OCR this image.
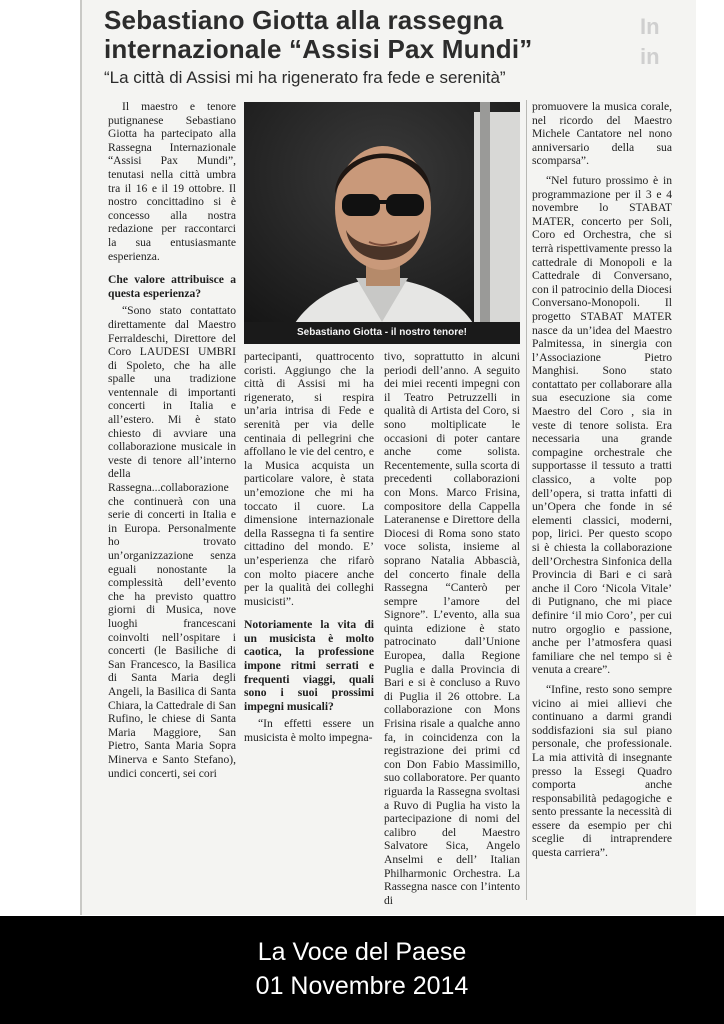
In
in
Sebastiano Giotta alla rassegna
internazionale “Assisi Pax Mundi”
“La città di Assisi mi ha rigenerato fra fede e serenità”

Il maestro e tenore putignanese Sebastiano Giotta ha partecipato alla Rassegna Internazionale “Assisi Pax Mundi”, tenutasi nella città umbra tra il 16 e il 19 ottobre. Il nostro concittadino si è concesso alla nostra redazione per raccontarci la sua entusiasmante esperienza.

Che valore attribuisce a questa esperienza?

“Sono stato contattato direttamente dal Maestro Ferraldeschi, Direttore del Coro LAUDESI UMBRI di Spoleto, che ha alle spalle una tradizione ventennale di importanti concerti in Italia e all’estero. Mi è stato chiesto di avviare una collaborazione musicale in veste di tenore all’interno della Rassegna...collaborazione che continuerà con una serie di concerti in Italia e in Europa. Personalmente ho trovato un’organizzazione senza eguali nonostante la complessità dell’evento che ha previsto quattro giorni di Musica, nove luoghi francescani coinvolti nell’ospitare i concerti (le Basiliche di San Francesco, la Basilica di Santa Maria degli Angeli, la Basilica di Santa Chiara, la Cattedrale di San Rufino, le chiese di Santa Maria Maggiore, San Pietro, Santa Maria Sopra Minerva e Santo Stefano), undici concerti, sei cori

Sebastiano Giotta - il nostro tenore!

partecipanti, quattrocento coristi. Aggiungo che la città di Assisi mi ha rigenerato, si respira un’aria intrisa di Fede e serenità per via delle centinaia di pellegrini che affollano le vie del centro, e la Musica acquista un particolare valore, è stata un’emozione che mi ha toccato il cuore. La dimensione internazionale della Rassegna ti fa sentire cittadino del mondo. E’ un’esperienza che rifarò con molto piacere anche per la qualità dei colleghi musicisti”.

Notoriamente la vita di un musicista è molto caotica, la professione impone ritmi serrati e frequenti viaggi, quali sono i suoi prossimi impegni musicali?

“In effetti essere un musicista è molto impegna-

tivo, soprattutto in alcuni periodi dell’anno. A seguito dei miei recenti impegni con il Teatro Petruzzelli in qualità di Artista del Coro, si sono moltiplicate le occasioni di poter cantare anche come solista. Recentemente, sulla scorta di precedenti collaborazioni con Mons. Marco Frisina, compositore della Cappella Lateranense e Direttore della Diocesi di Roma sono stato voce solista, insieme al soprano Natalia Abbascià, del concerto finale della Rassegna “Canterò per sempre l’amore del Signore”. L’evento, alla sua quinta edizione è stato patrocinato dall’Unione Europea, dalla Regione Puglia e dalla Provincia di Bari e si è concluso a Ruvo di Puglia il 26 ottobre. La collaborazione con Mons Frisina risale a qualche anno fa, in coincidenza con la registrazione dei primi cd con Don Fabio Massimillo, suo collaboratore. Per quanto riguarda la Rassegna svoltasi a Ruvo di Puglia ha visto la partecipazione di nomi del calibro del Maestro Salvatore Sica, Angelo Anselmi e dell’ Italian Philharmonic Orchestra. La Rassegna nasce con l’intento di

promuovere la musica corale, nel ricordo del Maestro Michele Cantatore nel nono anniversario della sua scomparsa”.

“Nel futuro prossimo è in programmazione per il 3 e 4 novembre lo STABAT MATER, concerto per Soli, Coro ed Orchestra, che si terrà rispettivamente presso la cattedrale di Monopoli e la Cattedrale di Conversano, con il patrocinio della Diocesi Conversano-Monopoli. Il progetto STABAT MATER nasce da un’idea del Maestro Palmitessa, in sinergia con l’Associazione Pietro Manghisi. Sono stato contattato per collaborare alla sua esecuzione sia come Maestro del Coro , sia in veste di tenore solista. Era necessaria una grande compagine orchestrale che supportasse il tessuto a tratti classico, a volte pop dell’opera, si tratta infatti di un’Opera che fonde in sé elementi classici, moderni, pop, lirici. Per questo scopo si è chiesta la collaborazione dell’Orchestra Sinfonica della Provincia di Bari e ci sarà anche il Coro ‘Nicola Vitale’ di Putignano, che mi piace definire ‘il mio Coro’, per cui nutro orgoglio e passione, anche per l’atmosfera quasi familiare che nel tempo si è venuta a creare”.

“Infine, resto sono sempre vicino ai miei allievi che continuano a darmi grandi soddisfazioni sia sul piano personale, che professionale. La mia attività di insegnante presso la Essegi Quadro comporta anche responsabilità pedagogiche e sento pressante la necessità di essere da esempio per chi sceglie di intraprendere questa carriera”.

La Voce del Paese
01 Novembre 2014
